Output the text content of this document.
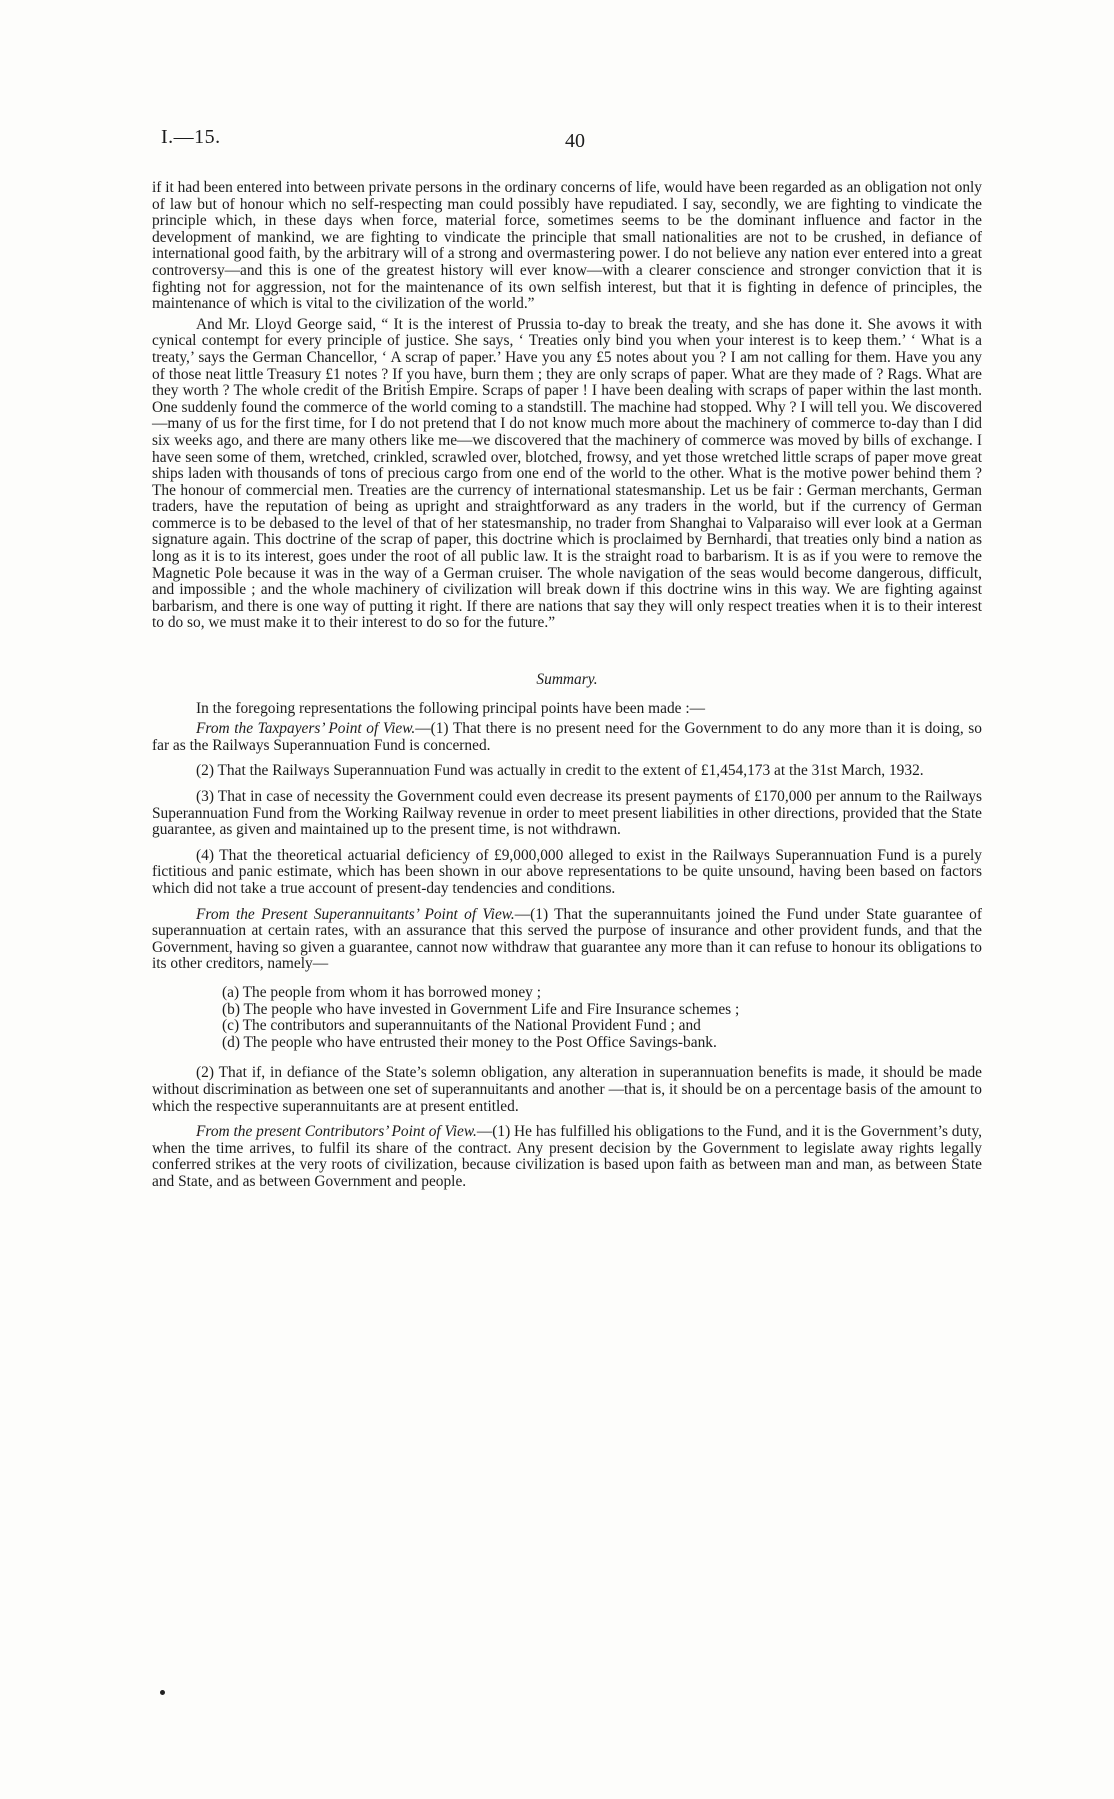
I.—15.	40

if it had been entered into between private persons in the ordinary concerns of life, would have been regarded as an obligation not only of law but of honour which no self-respecting man could possibly have repudiated. I say, secondly, we are fighting to vindicate the principle which, in these days when force, material force, sometimes seems to be the dominant influence and factor in the development of mankind, we are fighting to vindicate the principle that small nationalities are not to be crushed, in defiance of international good faith, by the arbitrary will of a strong and overmastering power. I do not believe any nation ever entered into a great controversy—and this is one of the greatest history will ever know—with a clearer conscience and stronger conviction that it is fighting not for aggression, not for the maintenance of its own selfish interest, but that it is fighting in defence of principles, the maintenance of which is vital to the civilization of the world.”

And Mr. Lloyd George said, “ It is the interest of Prussia to-day to break the treaty, and she has done it. She avows it with cynical contempt for every principle of justice. She says, ‘ Treaties only bind you when your interest is to keep them.’ ‘ What is a treaty,’ says the German Chancellor, ‘ A scrap of paper.’ Have you any £5 notes about you ? I am not calling for them. Have you any of those neat little Treasury £1 notes ? If you have, burn them ; they are only scraps of paper. What are they made of ? Rags. What are they worth ? The whole credit of the British Empire. Scraps of paper ! I have been dealing with scraps of paper within the last month. One suddenly found the commerce of the world coming to a standstill. The machine had stopped. Why ? I will tell you. We discovered—many of us for the first time, for I do not pretend that I do not know much more about the machinery of commerce to-day than I did six weeks ago, and there are many others like me—we discovered that the machinery of commerce was moved by bills of exchange. I have seen some of them, wretched, crinkled, scrawled over, blotched, frowsy, and yet those wretched little scraps of paper move great ships laden with thousands of tons of precious cargo from one end of the world to the other. What is the motive power behind them ? The honour of commercial men. Treaties are the currency of international statesmanship. Let us be fair : German merchants, German traders, have the reputation of being as upright and straightforward as any traders in the world, but if the currency of German commerce is to be debased to the level of that of her statesmanship, no trader from Shanghai to Valparaiso will ever look at a German signature again. This doctrine of the scrap of paper, this doctrine which is proclaimed by Bernhardi, that treaties only bind a nation as long as it is to its interest, goes under the root of all public law. It is the straight road to barbarism. It is as if you were to remove the Magnetic Pole because it was in the way of a German cruiser. The whole navigation of the seas would become dangerous, difficult, and impossible ; and the whole machinery of civilization will break down if this doctrine wins in this way. We are fighting against barbarism, and there is one way of putting it right. If there are nations that say they will only respect treaties when it is to their interest to do so, we must make it to their interest to do so for the future.”

Summary.

In the foregoing representations the following principal points have been made :—

From the Taxpayers’ Point of View.—(1) That there is no present need for the Government to do any more than it is doing, so far as the Railways Superannuation Fund is concerned.

(2) That the Railways Superannuation Fund was actually in credit to the extent of £1,454,173 at the 31st March, 1932.

(3) That in case of necessity the Government could even decrease its present payments of £170,000 per annum to the Railways Superannuation Fund from the Working Railway revenue in order to meet present liabilities in other directions, provided that the State guarantee, as given and maintained up to the present time, is not withdrawn.

(4) That the theoretical actuarial deficiency of £9,000,000 alleged to exist in the Railways Superannuation Fund is a purely fictitious and panic estimate, which has been shown in our above representations to be quite unsound, having been based on factors which did not take a true account of present-day tendencies and conditions.

From the Present Superannuitants’ Point of View.—(1) That the superannuitants joined the Fund under State guarantee of superannuation at certain rates, with an assurance that this served the purpose of insurance and other provident funds, and that the Government, having so given a guarantee, cannot now withdraw that guarantee any more than it can refuse to honour its obligations to its other creditors, namely—

(a) The people from whom it has borrowed money ;
(b) The people who have invested in Government Life and Fire Insurance schemes ;
(c) The contributors and superannuitants of the National Provident Fund ; and
(d) The people who have entrusted their money to the Post Office Savings-bank.

(2) That if, in defiance of the State’s solemn obligation, any alteration in superannuation benefits is made, it should be made without discrimination as between one set of superannuitants and another —that is, it should be on a percentage basis of the amount to which the respective superannuitants are at present entitled.

From the present Contributors’ Point of View.—(1) He has fulfilled his obligations to the Fund, and it is the Government’s duty, when the time arrives, to fulfil its share of the contract. Any present decision by the Government to legislate away rights legally conferred strikes at the very roots of civilization, because civilization is based upon faith as between man and man, as between State and State, and as between Government and people.
